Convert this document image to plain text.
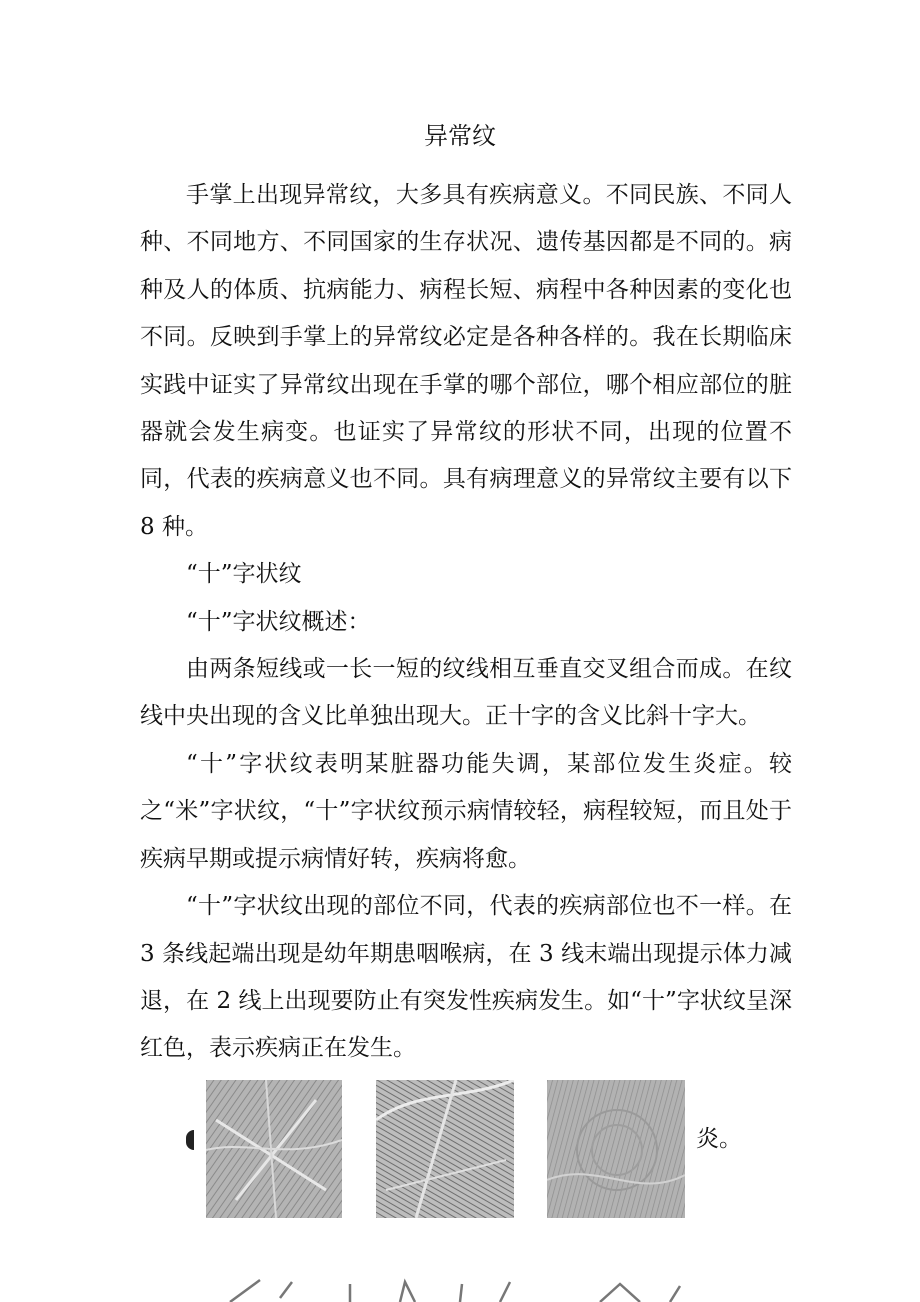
异常纹

手掌上出现异常纹，大多具有疾病意义。不同民族、不同人种、不同地方、不同国家的生存状况、遗传基因都是不同的。病种及人的体质、抗病能力、病程长短、病程中各种因素的变化也不同。反映到手掌上的异常纹必定是各种各样的。我在长期临床实践中证实了异常纹出现在手掌的哪个部位，哪个相应部位的脏器就会发生病变。也证实了异常纹的形状不同，出现的位置不同，代表的疾病意义也不同。具有病理意义的异常纹主要有以下 8 种。

“十”字状纹

“十”字状纹概述：

由两条短线或一长一短的纹线相互垂直交叉组合而成。在纹线中央出现的含义比单独出现大。正十字的含义比斜十字大。

“十”字状纹表明某脏器功能失调，某部位发生炎症。较之“米”字状纹，“十”字状纹预示病情较轻，病程较短，而且处于疾病早期或提示病情好转，疾病将愈。

“十”字状纹出现的部位不同，代表的疾病部位也不一样。在 3 条线起端出现是幼年期患咽喉病，在 3 线末端出现提示体力减退，在 2 线上出现要防止有突发性疾病发生。如“十”字状纹呈深红色，表示疾病正在发生。

炎。
